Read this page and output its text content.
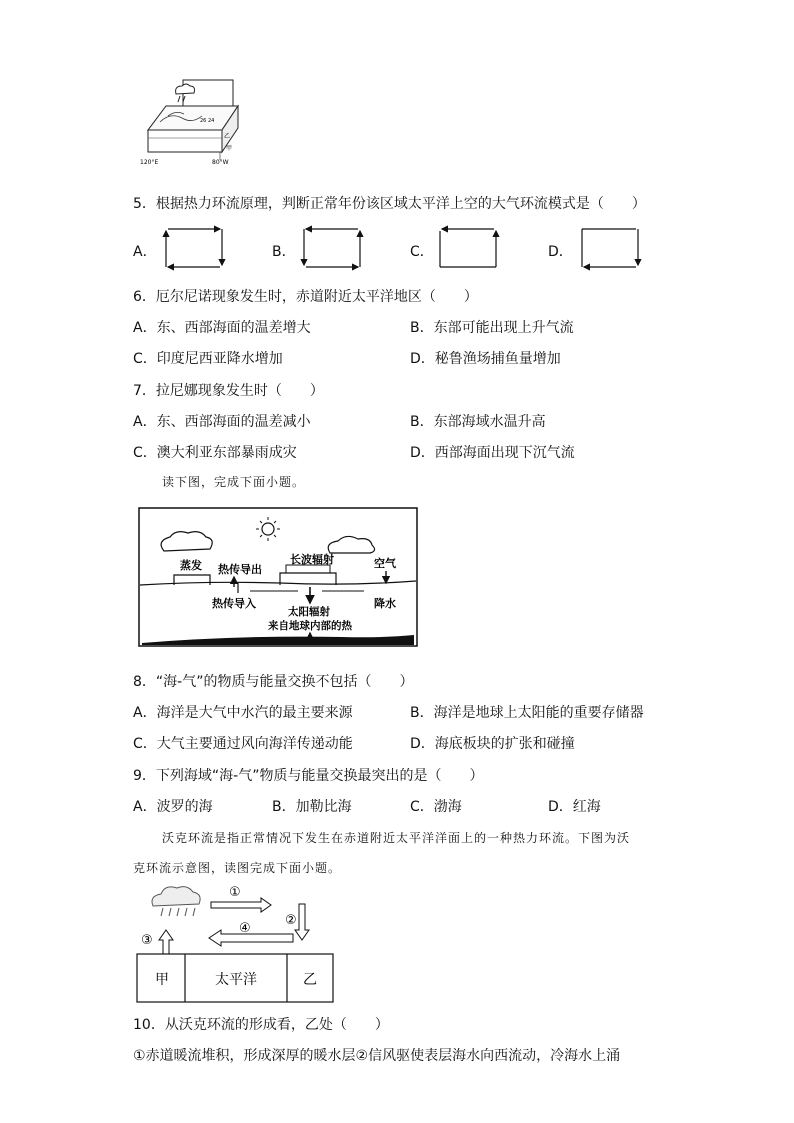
26 24
乙
甲
120°E	80°W
5．根据热力环流原理，判断正常年份该区域太平洋上空的大气环流模式是（　　）
A．	B．	C．	D．
6．厄尔尼诺现象发生时，赤道附近太平洋地区（　　）
A．东、西部海面的温差增大	B．东部可能出现上升气流
C．印度尼西亚降水增加	D．秘鲁渔场捕鱼量增加
7．拉尼娜现象发生时（　　）
A．东、西部海面的温差减小	B．东部海域水温升高
C．澳大利亚东部暴雨成灾	D．西部海面出现下沉气流
读下图，完成下面小题。
蒸发 热传导出
长波辐射	空气
热传导入
太阳辐射
来自地球内部的热
降水
8．“海-气”的物质与能量交换不包括（　　）
A．海洋是大气中水汽的最主要来源	B．海洋是地球上太阳能的重要存储器
C．大气主要通过风向海洋传递动能	D．海底板块的扩张和碰撞
9．下列海域“海-气”物质与能量交换最突出的是（　　）
A．波罗的海	B．加勒比海	C．渤海	D．红海
沃克环流是指正常情况下发生在赤道附近太平洋洋面上的一种热力环流。下图为沃
克环流示意图，读图完成下面小题。
①
②
④
③
甲	太平洋	乙
10．从沃克环流的形成看，乙处（　　）
①赤道暖流堆积，形成深厚的暖水层②信风驱使表层海水向西流动，冷海水上涌
